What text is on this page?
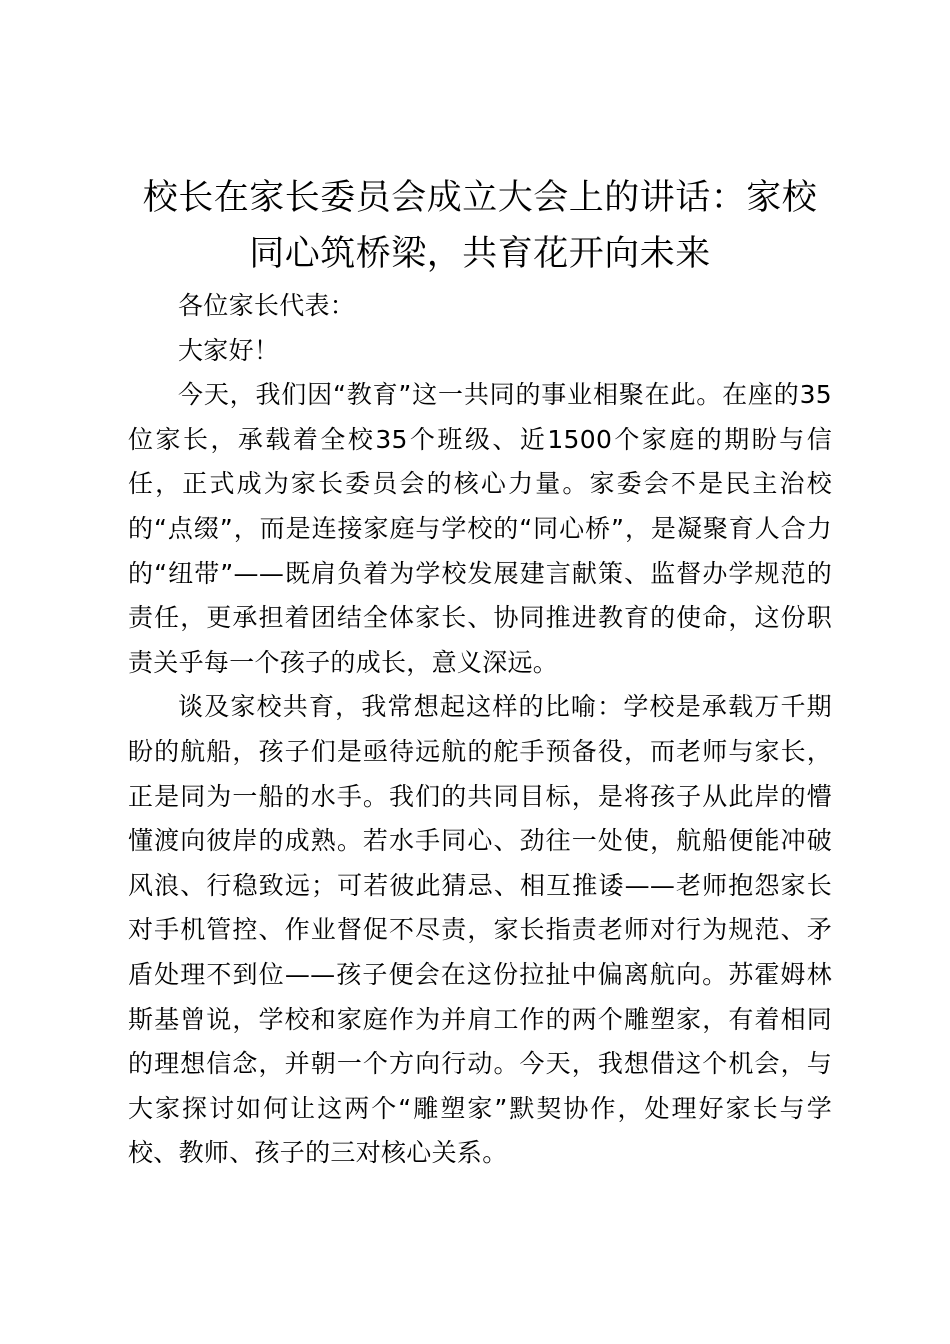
校长在家长委员会成立大会上的讲话：家校同心筑桥梁，共育花开向未来

各位家长代表：

大家好！

今天，我们因“教育”这一共同的事业相聚在此。在座的35位家长，承载着全校35个班级、近1500个家庭的期盼与信任，正式成为家长委员会的核心力量。家委会不是民主治校的“点缀”，而是连接家庭与学校的“同心桥”，是凝聚育人合力的“纽带”——既肩负着为学校发展建言献策、监督办学规范的责任，更承担着团结全体家长、协同推进教育的使命，这份职责关乎每一个孩子的成长，意义深远。

谈及家校共育，我常想起这样的比喻：学校是承载万千期盼的航船，孩子们是亟待远航的舵手预备役，而老师与家长，正是同为一船的水手。我们的共同目标，是将孩子从此岸的懵懂渡向彼岸的成熟。若水手同心、劲往一处使，航船便能冲破风浪、行稳致远；可若彼此猜忌、相互推诿——老师抱怨家长对手机管控、作业督促不尽责，家长指责老师对行为规范、矛盾处理不到位——孩子便会在这份拉扯中偏离航向。苏霍姆林斯基曾说，学校和家庭作为并肩工作的两个雕塑家，有着相同的理想信念，并朝一个方向行动。今天，我想借这个机会，与大家探讨如何让这两个“雕塑家”默契协作，处理好家长与学校、教师、孩子的三对核心关系。
